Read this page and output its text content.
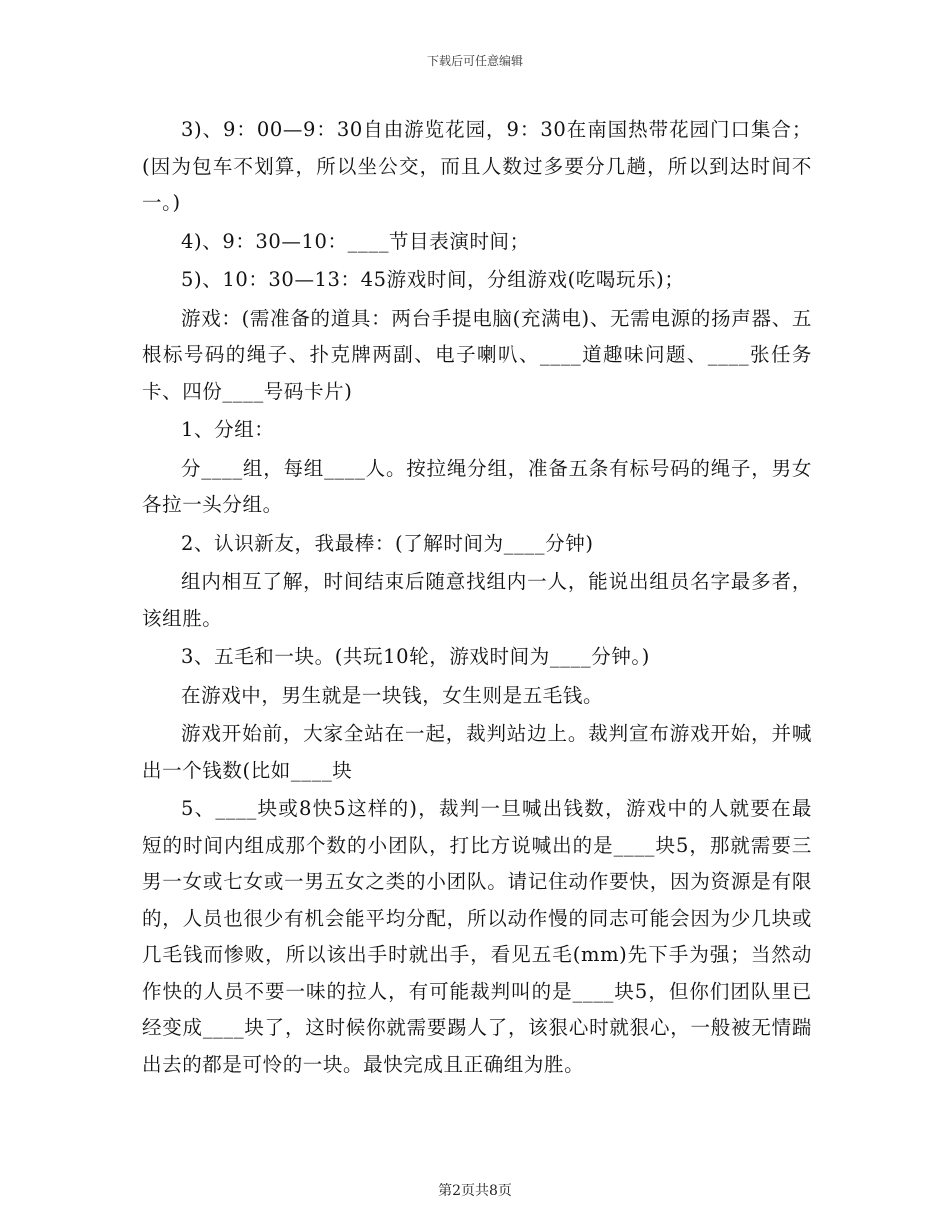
下载后可任意编辑

3)、9：00—9：30自由游览花园，9：30在南国热带花园门口集合；(因为包车不划算，所以坐公交，而且人数过多要分几趟，所以到达时间不一。)

4)、9：30—10：____节目表演时间；

5)、10：30—13：45游戏时间，分组游戏(吃喝玩乐)；

游戏：(需准备的道具：两台手提电脑(充满电)、无需电源的扬声器、五根标号码的绳子、扑克牌两副、电子喇叭、____道趣味问题、____张任务卡、四份____号码卡片)

1、分组：

分____组，每组____人。按拉绳分组，准备五条有标号码的绳子，男女各拉一头分组。

2、认识新友，我最棒：(了解时间为____分钟)

组内相互了解，时间结束后随意找组内一人，能说出组员名字最多者，该组胜。

3、五毛和一块。(共玩10轮，游戏时间为____分钟。)

在游戏中，男生就是一块钱，女生则是五毛钱。

游戏开始前，大家全站在一起，裁判站边上。裁判宣布游戏开始，并喊出一个钱数(比如____块

5、____块或8快5这样的)，裁判一旦喊出钱数，游戏中的人就要在最短的时间内组成那个数的小团队，打比方说喊出的是____块5，那就需要三男一女或七女或一男五女之类的小团队。请记住动作要快，因为资源是有限的，人员也很少有机会能平均分配，所以动作慢的同志可能会因为少几块或几毛钱而惨败，所以该出手时就出手，看见五毛(mm)先下手为强；当然动作快的人员不要一味的拉人，有可能裁判叫的是____块5，但你们团队里已经变成____块了，这时候你就需要踢人了，该狠心时就狠心，一般被无情踹出去的都是可怜的一块。最快完成且正确组为胜。

第2页共8页
